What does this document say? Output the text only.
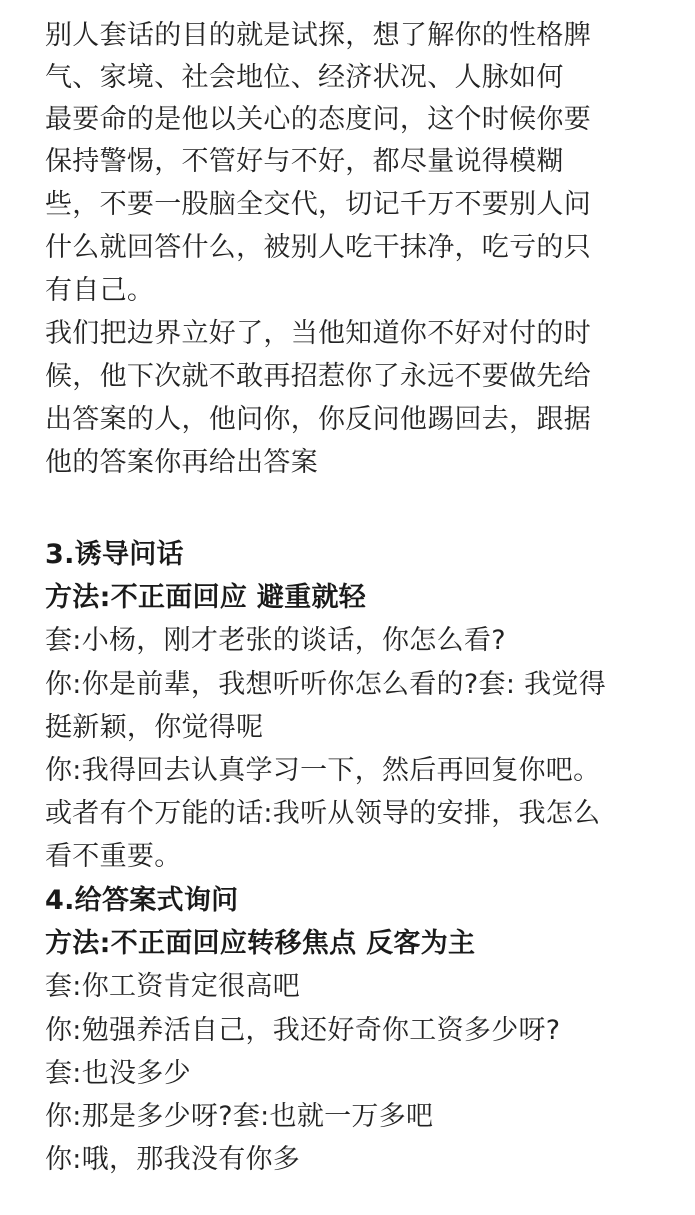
别人套话的目的就是试探，想了解你的性格脾
气、家境、社会地位、经济状况、人脉如何
最要命的是他以关心的态度问，这个时候你要
保持警惕，不管好与不好，都尽量说得模糊
些，不要一股脑全交代，切记千万不要别人问
什么就回答什么，被别人吃干抹净，吃亏的只
有自己。
我们把边界立好了，当他知道你不好对付的时
候，他下次就不敢再招惹你了永远不要做先给
出答案的人，他问你，你反问他踢回去，跟据
他的答案你再给出答案
3.诱导问话
方法:不正面回应 避重就轻
套:小杨，刚才老张的谈话，你怎么看?
你:你是前辈，我想听听你怎么看的?套: 我觉得
挺新颖，你觉得呢
你:我得回去认真学习一下，然后再回复你吧。
或者有个万能的话:我听从领导的安排，我怎么
看不重要。
4.给答案式询问
方法:不正面回应转移焦点 反客为主
套:你工资肯定很高吧
你:勉强养活自己，我还好奇你工资多少呀?
套:也没多少
你:那是多少呀?套:也就一万多吧
你:哦，那我没有你多
